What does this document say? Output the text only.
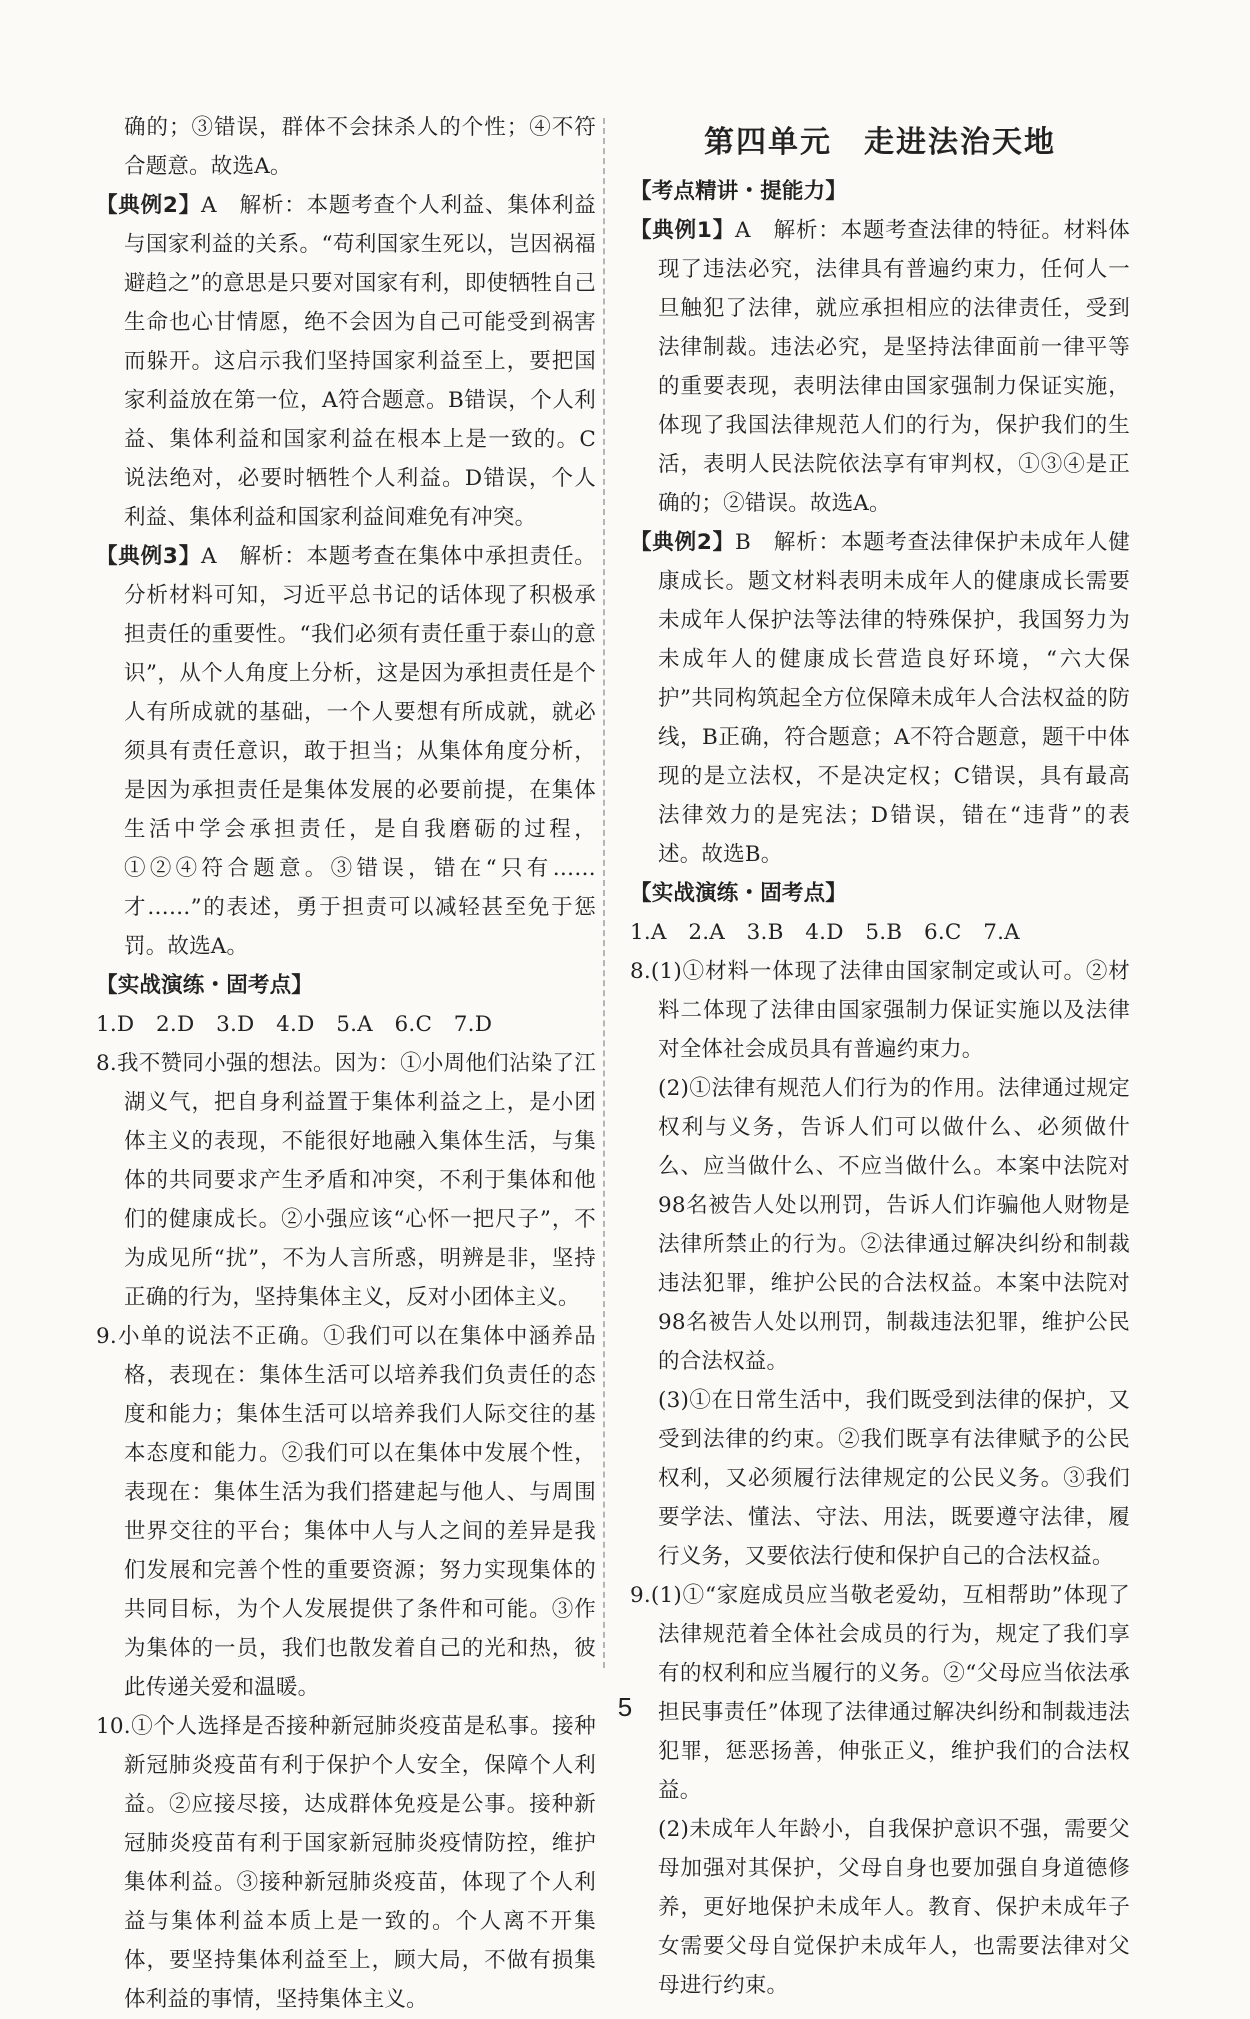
确的；③错误，群体不会抹杀人的个性；④不符合题意。故选A。

【典例2】A　解析：本题考查个人利益、集体利益与国家利益的关系。“苟利国家生死以，岂因祸福避趋之”的意思是只要对国家有利，即使牺牲自己生命也心甘情愿，绝不会因为自己可能受到祸害而躲开。这启示我们坚持国家利益至上，要把国家利益放在第一位，A符合题意。B错误，个人利益、集体利益和国家利益在根本上是一致的。C说法绝对，必要时牺牲个人利益。D错误，个人利益、集体利益和国家利益间难免有冲突。

【典例3】A　解析：本题考查在集体中承担责任。分析材料可知，习近平总书记的话体现了积极承担责任的重要性。“我们必须有责任重于泰山的意识”，从个人角度上分析，这是因为承担责任是个人有所成就的基础，一个人要想有所成就，就必须具有责任意识，敢于担当；从集体角度分析，是因为承担责任是集体发展的必要前提，在集体生活中学会承担责任，是自我磨砺的过程，①②④符合题意。③错误，错在“只有……才……”的表述，勇于担责可以减轻甚至免于惩罚。故选A。

【实战演练・固考点】

1.D　2.D　3.D　4.D　5.A　6.C　7.D

8.我不赞同小强的想法。因为：①小周他们沾染了江湖义气，把自身利益置于集体利益之上，是小团体主义的表现，不能很好地融入集体生活，与集体的共同要求产生矛盾和冲突，不利于集体和他们的健康成长。②小强应该“心怀一把尺子”，不为成见所“扰”，不为人言所惑，明辨是非，坚持正确的行为，坚持集体主义，反对小团体主义。

9.小单的说法不正确。①我们可以在集体中涵养品格，表现在：集体生活可以培养我们负责任的态度和能力；集体生活可以培养我们人际交往的基本态度和能力。②我们可以在集体中发展个性，表现在：集体生活为我们搭建起与他人、与周围世界交往的平台；集体中人与人之间的差异是我们发展和完善个性的重要资源；努力实现集体的共同目标，为个人发展提供了条件和可能。③作为集体的一员，我们也散发着自己的光和热，彼此传递关爱和温暖。

10.①个人选择是否接种新冠肺炎疫苗是私事。接种新冠肺炎疫苗有利于保护个人安全，保障个人利益。②应接尽接，达成群体免疫是公事。接种新冠肺炎疫苗有利于国家新冠肺炎疫情防控，维护集体利益。③接种新冠肺炎疫苗，体现了个人利益与集体利益本质上是一致的。个人离不开集体，要坚持集体利益至上，顾大局，不做有损集体利益的事情，坚持集体主义。

第四单元　走进法治天地

【考点精讲・提能力】

【典例1】A　解析：本题考查法律的特征。材料体现了违法必究，法律具有普遍约束力，任何人一旦触犯了法律，就应承担相应的法律责任，受到法律制裁。违法必究，是坚持法律面前一律平等的重要表现，表明法律由国家强制力保证实施，体现了我国法律规范人们的行为，保护我们的生活，表明人民法院依法享有审判权，①③④是正确的；②错误。故选A。

【典例2】B　解析：本题考查法律保护未成年人健康成长。题文材料表明未成年人的健康成长需要未成年人保护法等法律的特殊保护，我国努力为未成年人的健康成长营造良好环境，“六大保护”共同构筑起全方位保障未成年人合法权益的防线，B正确，符合题意；A不符合题意，题干中体现的是立法权，不是决定权；C错误，具有最高法律效力的是宪法；D错误，错在“违背”的表述。故选B。

【实战演练・固考点】

1.A　2.A　3.B　4.D　5.B　6.C　7.A

8.(1)①材料一体现了法律由国家制定或认可。②材料二体现了法律由国家强制力保证实施以及法律对全体社会成员具有普遍约束力。

(2)①法律有规范人们行为的作用。法律通过规定权利与义务，告诉人们可以做什么、必须做什么、应当做什么、不应当做什么。本案中法院对98名被告人处以刑罚，告诉人们诈骗他人财物是法律所禁止的行为。②法律通过解决纠纷和制裁违法犯罪，维护公民的合法权益。本案中法院对98名被告人处以刑罚，制裁违法犯罪，维护公民的合法权益。

(3)①在日常生活中，我们既受到法律的保护，又受到法律的约束。②我们既享有法律赋予的公民权利，又必须履行法律规定的公民义务。③我们要学法、懂法、守法、用法，既要遵守法律，履行义务，又要依法行使和保护自己的合法权益。

9.(1)①“家庭成员应当敬老爱幼，互相帮助”体现了法律规范着全体社会成员的行为，规定了我们享有的权利和应当履行的义务。②“父母应当依法承担民事责任”体现了法律通过解决纠纷和制裁违法犯罪，惩恶扬善，伸张正义，维护我们的合法权益。

(2)未成年人年龄小，自我保护意识不强，需要父母加强对其保护，父母自身也要加强自身道德修养，更好地保护未成年人。教育、保护未成年子女需要父母自觉保护未成年人，也需要法律对父母进行约束。

5
